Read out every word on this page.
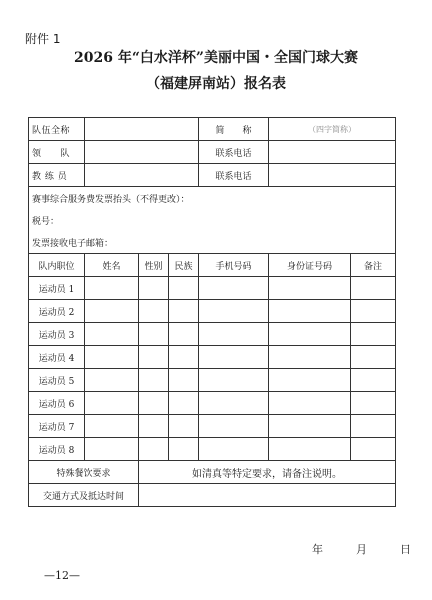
附件 1
2026 年“白水洋杯”美丽中国・全国门球大赛
（福建屏南站）报名表
队伍全称				简　　称	（四字简称）	
领　　队				联系电话		
教 练 员				联系电话		
赛事综合服务费发票抬头（不得更改）：						
税号：						
发票接收电子邮箱：						
队内职位	姓名	性别	民族	手机号码	身份证号码	备注
运动员 1						
运动员 2						
运动员 3						
运动员 4						
运动员 5						
运动员 6						
运动员 7						
运动员 8						
特殊餐饮要求		如清真等特定要求，请备注说明。				
交通方式及抵达时间						
年	月	日
—12—
